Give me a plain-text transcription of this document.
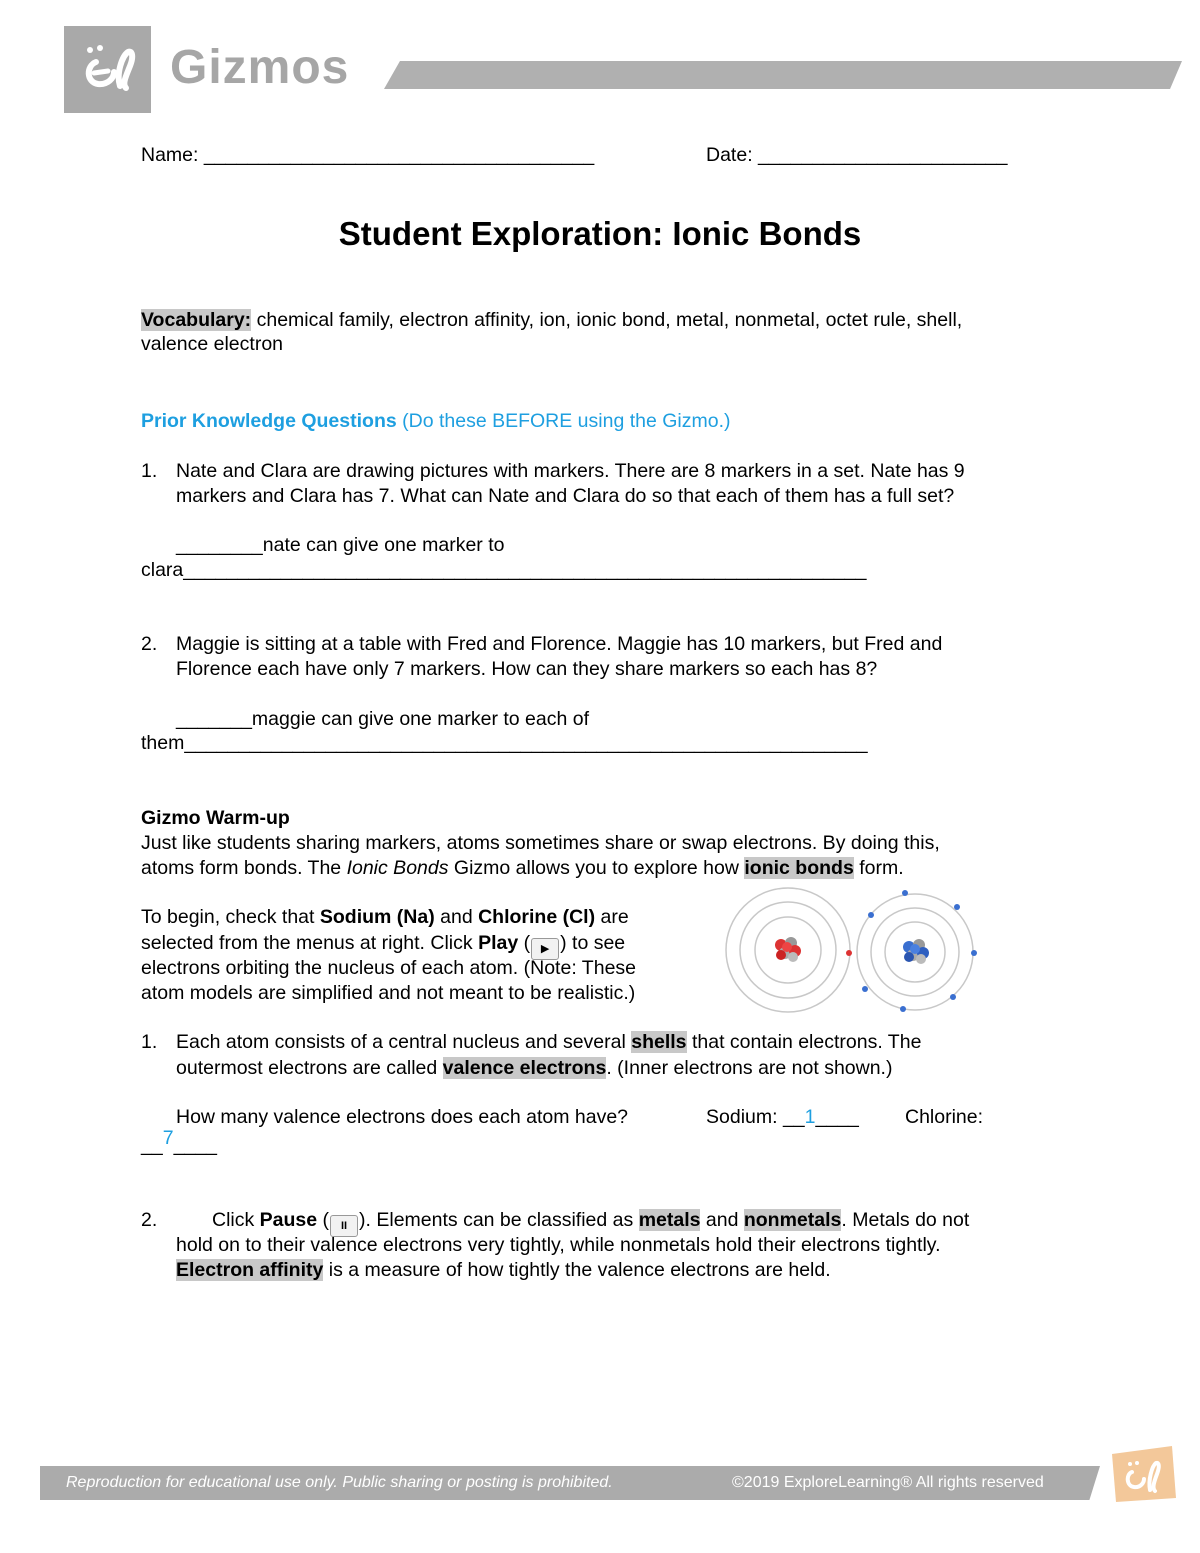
Gizmos
Name: ____________________________________	Date: _______________________
Student Exploration: Ionic Bonds
Vocabulary: chemical family, electron affinity, ion, ionic bond, metal, nonmetal, octet rule, shell,
valence electron
Prior Knowledge Questions (Do these BEFORE using the Gizmo.)
1. Nate and Clara are drawing pictures with markers. There are 8 markers in a set. Nate has 9
markers and Clara has 7. What can Nate and Clara do so that each of them has a full set?
________nate can give one marker to
clara_______________________________________________________________
2. Maggie is sitting at a table with Fred and Florence. Maggie has 10 markers, but Fred and
Florence each have only 7 markers. How can they share markers so each has 8?
_______maggie can give one marker to each of
them_______________________________________________________________
Gizmo Warm-up
Just like students sharing markers, atoms sometimes share or swap electrons. By doing this,
atoms form bonds. The Ionic Bonds Gizmo allows you to explore how ionic bonds form.
To begin, check that Sodium (Na) and Chlorine (Cl) are
selected from the menus at right. Click Play ( ▶ ) to see
electrons orbiting the nucleus of each atom. (Note: These
atom models are simplified and not meant to be realistic.)
1. Each atom consists of a central nucleus and several shells that contain electrons. The
outermost electrons are called valence electrons. (Inner electrons are not shown.)
How many valence electrons does each atom have?	Sodium: __1____ Chlorine:
__7____
2.	Click Pause ( II ). Elements can be classified as metals and nonmetals. Metals do not
hold on to their valence electrons very tightly, while nonmetals hold their electrons tightly.
Electron affinity is a measure of how tightly the valence electrons are held.
Reproduction for educational use only. Public sharing or posting is prohibited.	©2019 ExploreLearning® All rights reserved
